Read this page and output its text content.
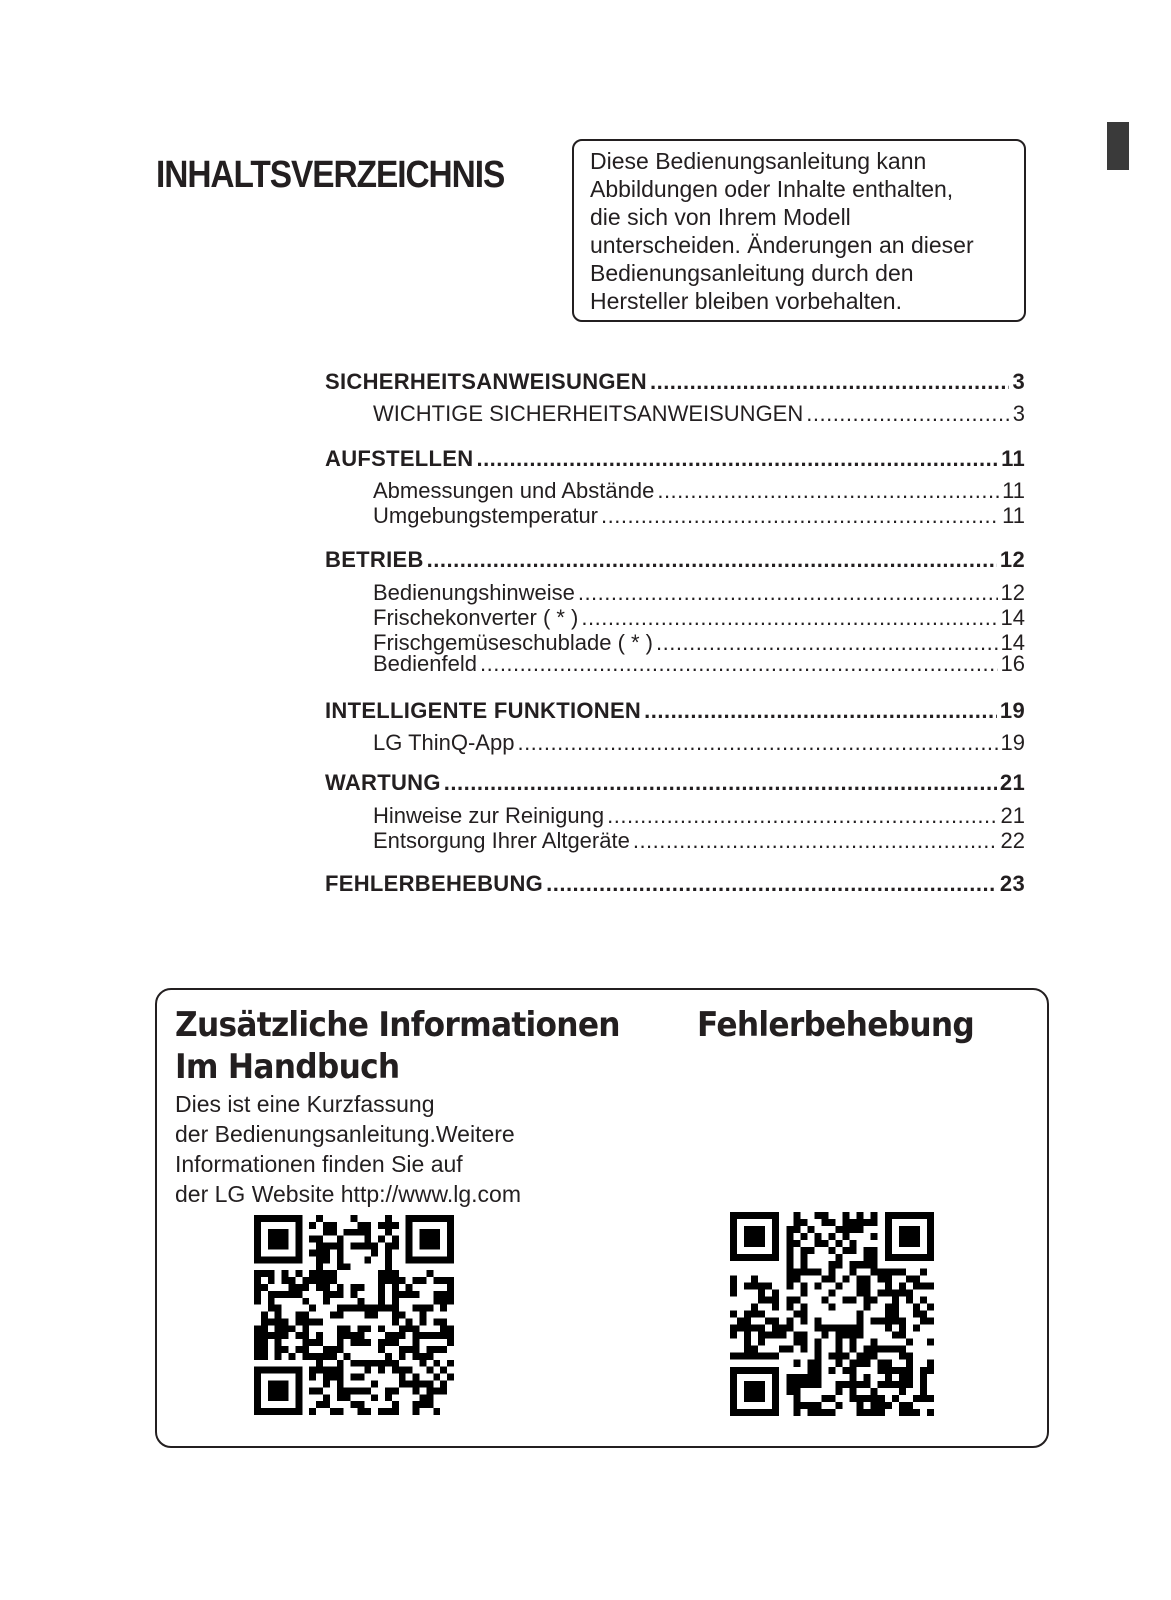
INHALTSVERZEICHNIS	Diese Bedienungsanleitung kann
Abbildungen oder Inhalte enthalten,
die sich von Ihrem Modell
unterscheiden. Änderungen an dieser
Bedienungsanleitung durch den
Hersteller bleiben vorbehalten.

SICHERHEITSANWEISUNGEN .....	3
WICHTIGE SICHERHEITSANWEISUNGEN .....	3
AUFSTELLEN .....	11
Abmessungen und Abstände .....	11
Umgebungstemperatur .....	11
BETRIEB .....	12
Bedienungshinweise .....	12
Frischekonverter ( * ) .....	14
Frischgemüseschublade ( * ) .....	14
Bedienfeld .....	16
INTELLIGENTE FUNKTIONEN .....	19
LG ThinQ-App .....	19
WARTUNG .....	21
Hinweise zur Reinigung .....	21
Entsorgung Ihrer Altgeräte .....	22
FEHLERBEHEBUNG .....	23
Zusätzliche Informationen
Im Handbuch

Dies ist eine Kurzfassung
der Bedienungsanleitung.Weitere
Informationen finden Sie auf
der LG Website http://www.lg.com

Fehlerbehebung
